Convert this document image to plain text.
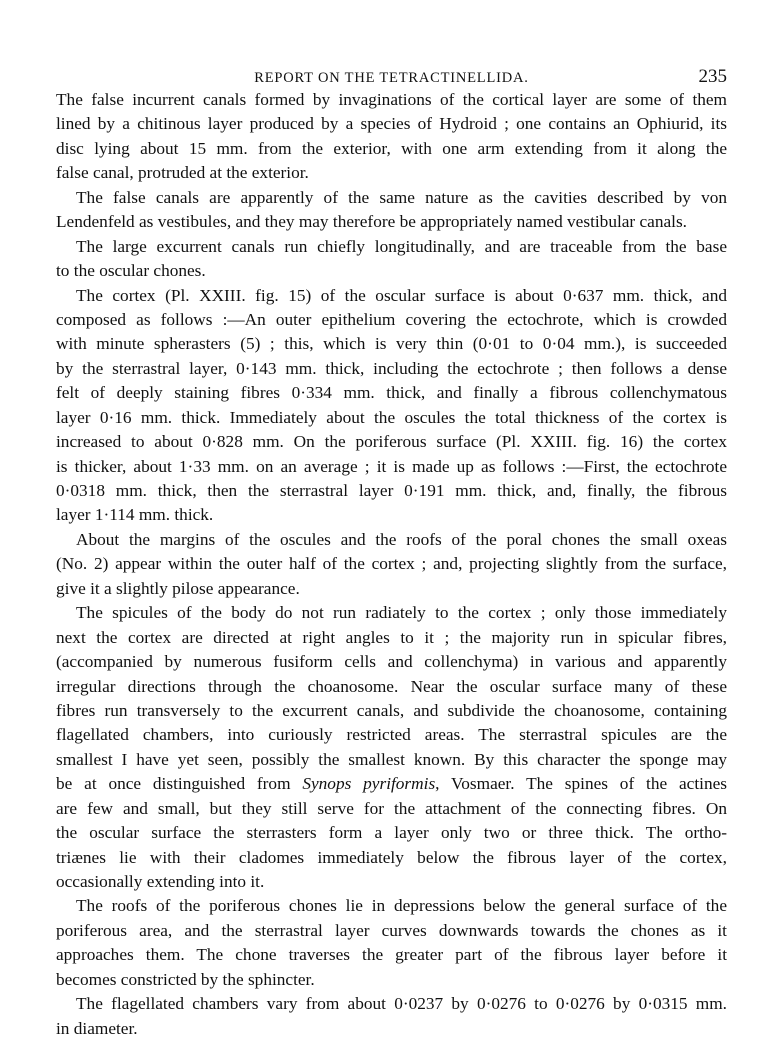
REPORT ON THE TETRACTINELLIDA.	235
The false incurrent canals formed by invaginations of the cortical layer are some of them
lined by a chitinous layer produced by a species of Hydroid ; one contains an Ophiurid, its
disc lying about 15 mm. from the exterior, with one arm extending from it along the
false canal, protruded at the exterior.
The false canals are apparently of the same nature as the cavities described by von
Lendenfeld as vestibules, and they may therefore be appropriately named vestibular canals.
The large excurrent canals run chiefly longitudinally, and are traceable from the base
to the oscular chones.
The cortex (Pl. XXIII. fig. 15) of the oscular surface is about 0·637 mm. thick, and
composed as follows :—An outer epithelium covering the ectochrote, which is crowded
with minute spherasters (5) ; this, which is very thin (0·01 to 0·04 mm.), is succeeded
by the sterrastral layer, 0·143 mm. thick, including the ectochrote ; then follows a dense
felt of deeply staining fibres 0·334 mm. thick, and finally a fibrous collenchymatous
layer 0·16 mm. thick. Immediately about the oscules the total thickness of the cortex is
increased to about 0·828 mm. On the poriferous surface (Pl. XXIII. fig. 16) the cortex
is thicker, about 1·33 mm. on an average ; it is made up as follows :—First, the ectochrote
0·0318 mm. thick, then the sterrastral layer 0·191 mm. thick, and, finally, the fibrous
layer 1·114 mm. thick.
About the margins of the oscules and the roofs of the poral chones the small oxeas
(No. 2) appear within the outer half of the cortex ; and, projecting slightly from the surface,
give it a slightly pilose appearance.
The spicules of the body do not run radiately to the cortex ; only those immediately
next the cortex are directed at right angles to it ; the majority run in spicular fibres,
(accompanied by numerous fusiform cells and collenchyma) in various and apparently
irregular directions through the choanosome. Near the oscular surface many of these
fibres run transversely to the excurrent canals, and subdivide the choanosome, containing
flagellated chambers, into curiously restricted areas. The sterrastral spicules are the
smallest I have yet seen, possibly the smallest known. By this character the sponge may
be at once distinguished from Synops pyriformis, Vosmaer. The spines of the actines
are few and small, but they still serve for the attachment of the connecting fibres. On
the oscular surface the sterrasters form a layer only two or three thick. The ortho-
triænes lie with their cladomes immediately below the fibrous layer of the cortex,
occasionally extending into it.
The roofs of the poriferous chones lie in depressions below the general surface of the
poriferous area, and the sterrastral layer curves downwards towards the chones as it
approaches them. The chone traverses the greater part of the fibrous layer before it
becomes constricted by the sphincter.
The flagellated chambers vary from about 0·0237 by 0·0276 to 0·0276 by 0·0315 mm.
in diameter.
